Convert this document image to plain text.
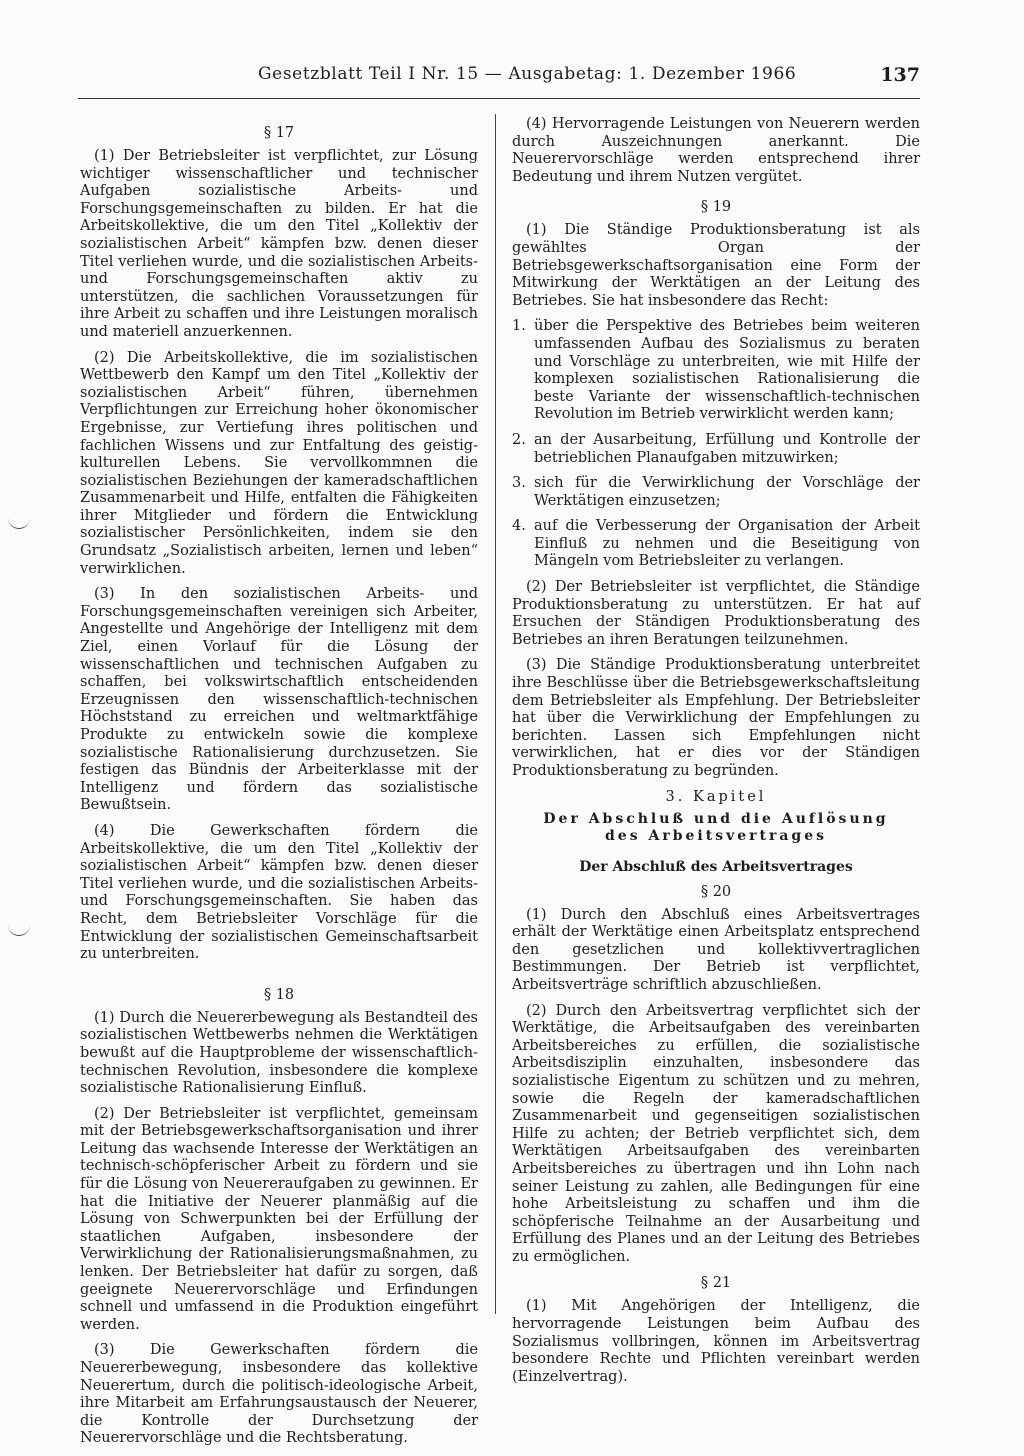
Gesetzblatt Teil I Nr. 15 — Ausgabetag: 1. Dezember 1966	137
§ 17

(1) Der Betriebsleiter ist verpflichtet, zur Lösung wichtiger wissenschaftlicher und technischer Aufgaben sozialistische Arbeits- und Forschungsgemeinschaften zu bilden. Er hat die Arbeitskollektive, die um den Titel „Kollektiv der sozialistischen Arbeit“ kämpfen bzw. denen dieser Titel verliehen wurde, und die sozialistischen Arbeits- und Forschungsgemeinschaften aktiv zu unterstützen, die sachlichen Voraussetzungen für ihre Arbeit zu schaffen und ihre Leistungen moralisch und materiell anzuerkennen.

(2) Die Arbeitskollektive, die im sozialistischen Wettbewerb den Kampf um den Titel „Kollektiv der sozialistischen Arbeit“ führen, übernehmen Verpflichtungen zur Erreichung hoher ökonomischer Ergebnisse, zur Vertiefung ihres politischen und fachlichen Wissens und zur Entfaltung des geistig-kulturellen Lebens. Sie vervollkommnen die sozialistischen Beziehungen der kameradschaftlichen Zusammenarbeit und Hilfe, entfalten die Fähigkeiten ihrer Mitglieder und fördern die Entwicklung sozialistischer Persönlichkeiten, indem sie den Grundsatz „Sozialistisch arbeiten, lernen und leben“ verwirklichen.

(3) In den sozialistischen Arbeits- und Forschungsgemeinschaften vereinigen sich Arbeiter, Angestellte und Angehörige der Intelligenz mit dem Ziel, einen Vorlauf für die Lösung der wissenschaftlichen und technischen Aufgaben zu schaffen, bei volkswirtschaftlich entscheidenden Erzeugnissen den wissenschaftlich-technischen Höchststand zu erreichen und weltmarktfähige Produkte zu entwickeln sowie die komplexe sozialistische Rationalisierung durchzusetzen. Sie festigen das Bündnis der Arbeiterklasse mit der Intelligenz und fördern das sozialistische Bewußtsein.

(4) Die Gewerkschaften fördern die Arbeitskollektive, die um den Titel „Kollektiv der sozialistischen Arbeit“ kämpfen bzw. denen dieser Titel verliehen wurde, und die sozialistischen Arbeits- und Forschungsgemeinschaften. Sie haben das Recht, dem Betriebsleiter Vorschläge für die Entwicklung der sozialistischen Gemeinschaftsarbeit zu unterbreiten.

§ 18

(1) Durch die Neuererbewegung als Bestandteil des sozialistischen Wettbewerbs nehmen die Werktätigen bewußt auf die Hauptprobleme der wissenschaftlich-technischen Revolution, insbesondere die komplexe sozialistische Rationalisierung Einfluß.

(2) Der Betriebsleiter ist verpflichtet, gemeinsam mit der Betriebsgewerkschaftsorganisation und ihrer Leitung das wachsende Interesse der Werktätigen an technisch-schöpferischer Arbeit zu fördern und sie für die Lösung von Neuereraufgaben zu gewinnen. Er hat die Initiative der Neuerer planmäßig auf die Lösung von Schwerpunkten bei der Erfüllung der staatlichen Aufgaben, insbesondere der Verwirklichung der Rationalisierungsmaßnahmen, zu lenken. Der Betriebsleiter hat dafür zu sorgen, daß geeignete Neuerervorschläge und Erfindungen schnell und umfassend in die Produktion eingeführt werden.

(3) Die Gewerkschaften fördern die Neuererbewegung, insbesondere das kollektive Neuerertum, durch die politisch-ideologische Arbeit, ihre Mitarbeit am Erfahrungsaustausch der Neuerer, die Kontrolle der Durchsetzung der Neuerervorschläge und die Rechtsberatung.

(4) Hervorragende Leistungen von Neuerern werden durch Auszeichnungen anerkannt. Die Neuerervorschläge werden entsprechend ihrer Bedeutung und ihrem Nutzen vergütet.

§ 19

(1) Die Ständige Produktionsberatung ist als gewähltes Organ der Betriebsgewerkschaftsorganisation eine Form der Mitwirkung der Werktätigen an der Leitung des Betriebes. Sie hat insbesondere das Recht:

1. über die Perspektive des Betriebes beim weiteren umfassenden Aufbau des Sozialismus zu beraten und Vorschläge zu unterbreiten, wie mit Hilfe der komplexen sozialistischen Rationalisierung die beste Variante der wissenschaftlich-technischen Revolution im Betrieb verwirklicht werden kann;
2. an der Ausarbeitung, Erfüllung und Kontrolle der betrieblichen Planaufgaben mitzuwirken;
3. sich für die Verwirklichung der Vorschläge der Werktätigen einzusetzen;
4. auf die Verbesserung der Organisation der Arbeit Einfluß zu nehmen und die Beseitigung von Mängeln vom Betriebsleiter zu verlangen.

(2) Der Betriebsleiter ist verpflichtet, die Ständige Produktionsberatung zu unterstützen. Er hat auf Ersuchen der Ständigen Produktionsberatung des Betriebes an ihren Beratungen teilzunehmen.

(3) Die Ständige Produktionsberatung unterbreitet ihre Beschlüsse über die Betriebsgewerkschaftsleitung dem Betriebsleiter als Empfehlung. Der Betriebsleiter hat über die Verwirklichung der Empfehlungen zu berichten. Lassen sich Empfehlungen nicht verwirklichen, hat er dies vor der Ständigen Produktionsberatung zu begründen.

3. Kapitel
Der Abschluß und die Auflösung
des Arbeitsvertrages
Der Abschluß des Arbeitsvertrages
§ 20

(1) Durch den Abschluß eines Arbeitsvertrages erhält der Werktätige einen Arbeitsplatz entsprechend den gesetzlichen und kollektivvertraglichen Bestimmungen. Der Betrieb ist verpflichtet, Arbeitsverträge schriftlich abzuschließen.

(2) Durch den Arbeitsvertrag verpflichtet sich der Werktätige, die Arbeitsaufgaben des vereinbarten Arbeitsbereiches zu erfüllen, die sozialistische Arbeitsdisziplin einzuhalten, insbesondere das sozialistische Eigentum zu schützen und zu mehren, sowie die Regeln der kameradschaftlichen Zusammenarbeit und gegenseitigen sozialistischen Hilfe zu achten; der Betrieb verpflichtet sich, dem Werktätigen Arbeitsaufgaben des vereinbarten Arbeitsbereiches zu übertragen und ihn Lohn nach seiner Leistung zu zahlen, alle Bedingungen für eine hohe Arbeitsleistung zu schaffen und ihm die schöpferische Teilnahme an der Ausarbeitung und Erfüllung des Planes und an der Leitung des Betriebes zu ermöglichen.

§ 21

(1) Mit Angehörigen der Intelligenz, die hervorragende Leistungen beim Aufbau des Sozialismus vollbringen, können im Arbeitsvertrag besondere Rechte und Pflichten vereinbart werden (Einzelvertrag).
